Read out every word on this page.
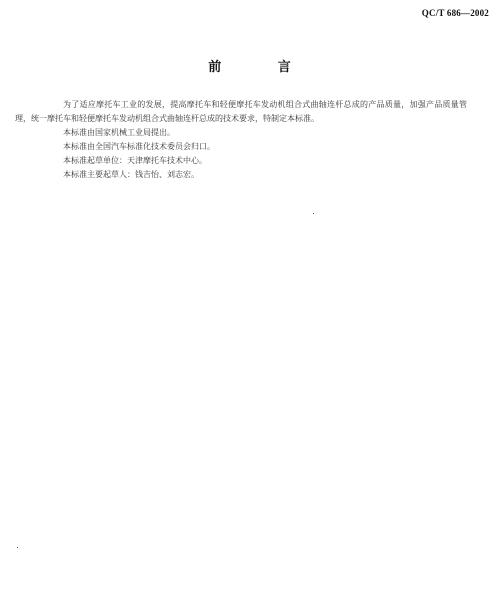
QC/T 686—2002
前 言

为了适应摩托车工业的发展，提高摩托车和轻便摩托车发动机组合式曲轴连杆总成的产品质量，加强产品质量管理，统一摩托车和轻便摩托车发动机组合式曲轴连杆总成的技术要求，特制定本标准。

本标准由国家机械工业局提出。

本标准由全国汽车标准化技术委员会归口。

本标准起草单位：天津摩托车技术中心。

本标准主要起草人：钱吉怡、刘志宏。
